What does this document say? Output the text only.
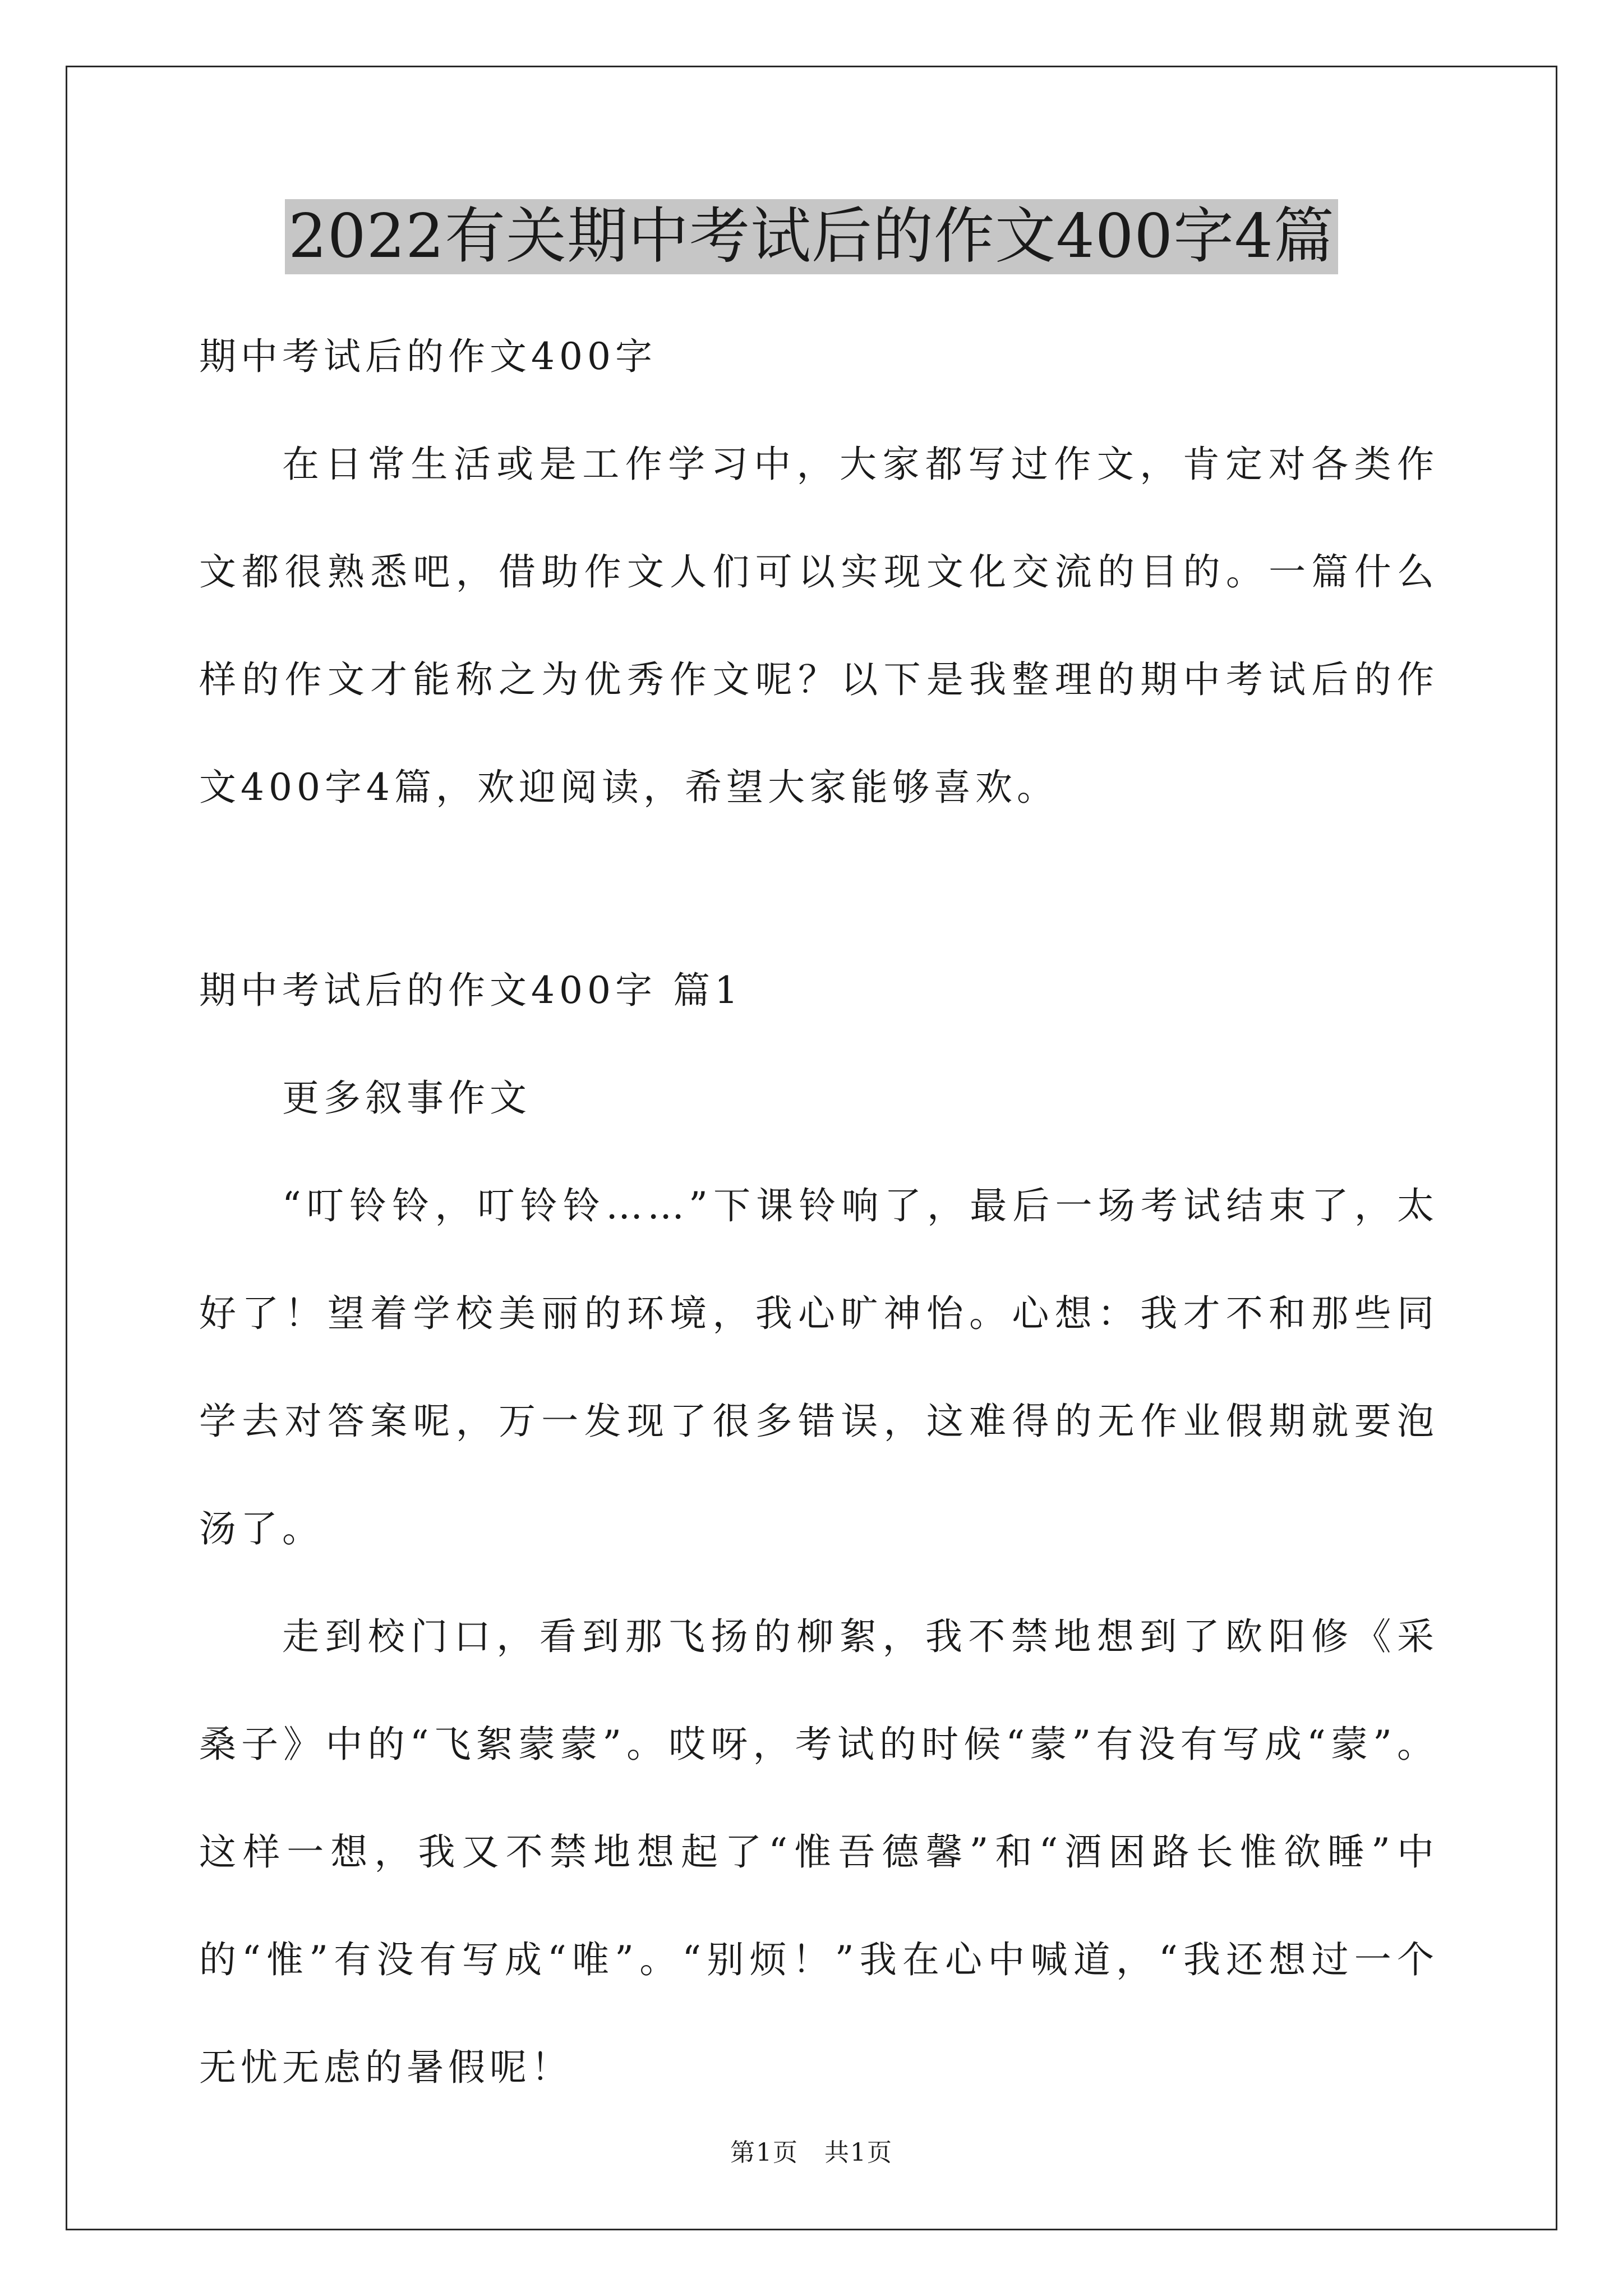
2022有关期中考试后的作文400字4篇

期中考试后的作文400字

在日常生活或是工作学习中，大家都写过作文，肯定对各类作文都很熟悉吧，借助作文人们可以实现文化交流的目的。一篇什么样的作文才能称之为优秀作文呢？以下是我整理的期中考试后的作文400字4篇，欢迎阅读，希望大家能够喜欢。

期中考试后的作文400字 篇1

更多叙事作文

“叮铃铃，叮铃铃……”下课铃响了，最后一场考试结束了，太好了！望着学校美丽的环境，我心旷神怡。心想：我才不和那些同学去对答案呢，万一发现了很多错误，这难得的无作业假期就要泡汤了。

走到校门口，看到那飞扬的柳絮，我不禁地想到了欧阳修《采桑子》中的“飞絮蒙蒙”。哎呀，考试的时候“蒙”有没有写成“蒙”。这样一想，我又不禁地想起了“惟吾德馨”和“酒困路长惟欲睡”中的“惟”有没有写成“唯”。“别烦！”我在心中喊道，“我还想过一个无忧无虑的暑假呢！

第1页　共1页
